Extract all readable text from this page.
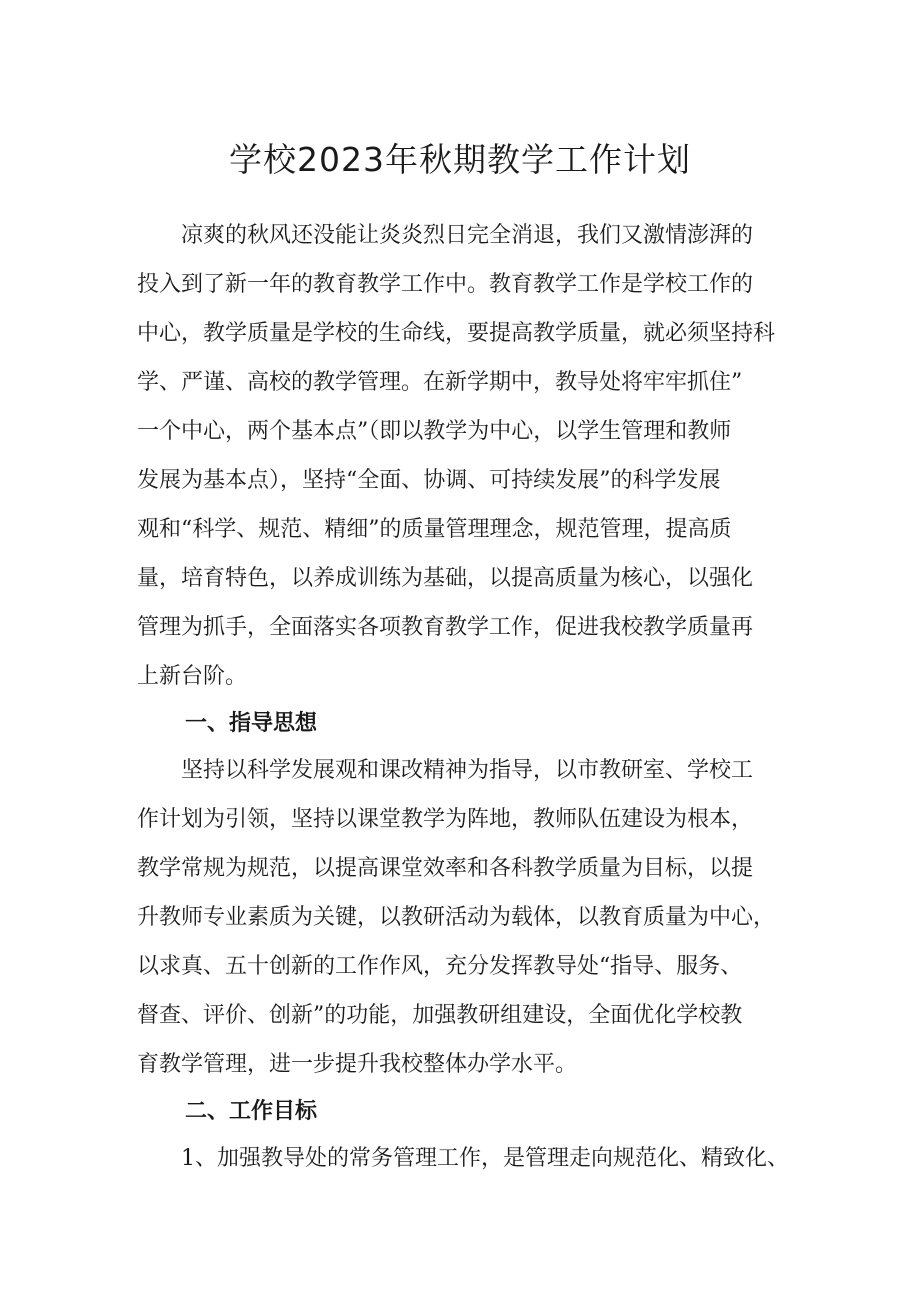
学校2023年秋期教学工作计划
　　凉爽的秋风还没能让炎炎烈日完全消退，我们又激情澎湃的
投入到了新一年的教育教学工作中。教育教学工作是学校工作的
中心，教学质量是学校的生命线，要提高教学质量，就必须坚持科
学、严谨、高校的教学管理。在新学期中，教导处将牢牢抓住”
一个中心，两个基本点”（即以教学为中心，以学生管理和教师
发展为基本点），坚持“全面、协调、可持续发展”的科学发展
观和“科学、规范、精细”的质量管理理念，规范管理，提高质
量，培育特色，以养成训练为基础，以提高质量为核心，以强化
管理为抓手，全面落实各项教育教学工作，促进我校教学质量再
上新台阶。
一、指导思想
　　坚持以科学发展观和课改精神为指导，以市教研室、学校工
作计划为引领，坚持以课堂教学为阵地，教师队伍建设为根本，
教学常规为规范，以提高课堂效率和各科教学质量为目标，以提
升教师专业素质为关键，以教研活动为载体，以教育质量为中心，
以求真、五十创新的工作作风，充分发挥教导处“指导、服务、
督查、评价、创新”的功能，加强教研组建设，全面优化学校教
育教学管理，进一步提升我校整体办学水平。
二、工作目标
　　1、加强教导处的常务管理工作，是管理走向规范化、精致化、
